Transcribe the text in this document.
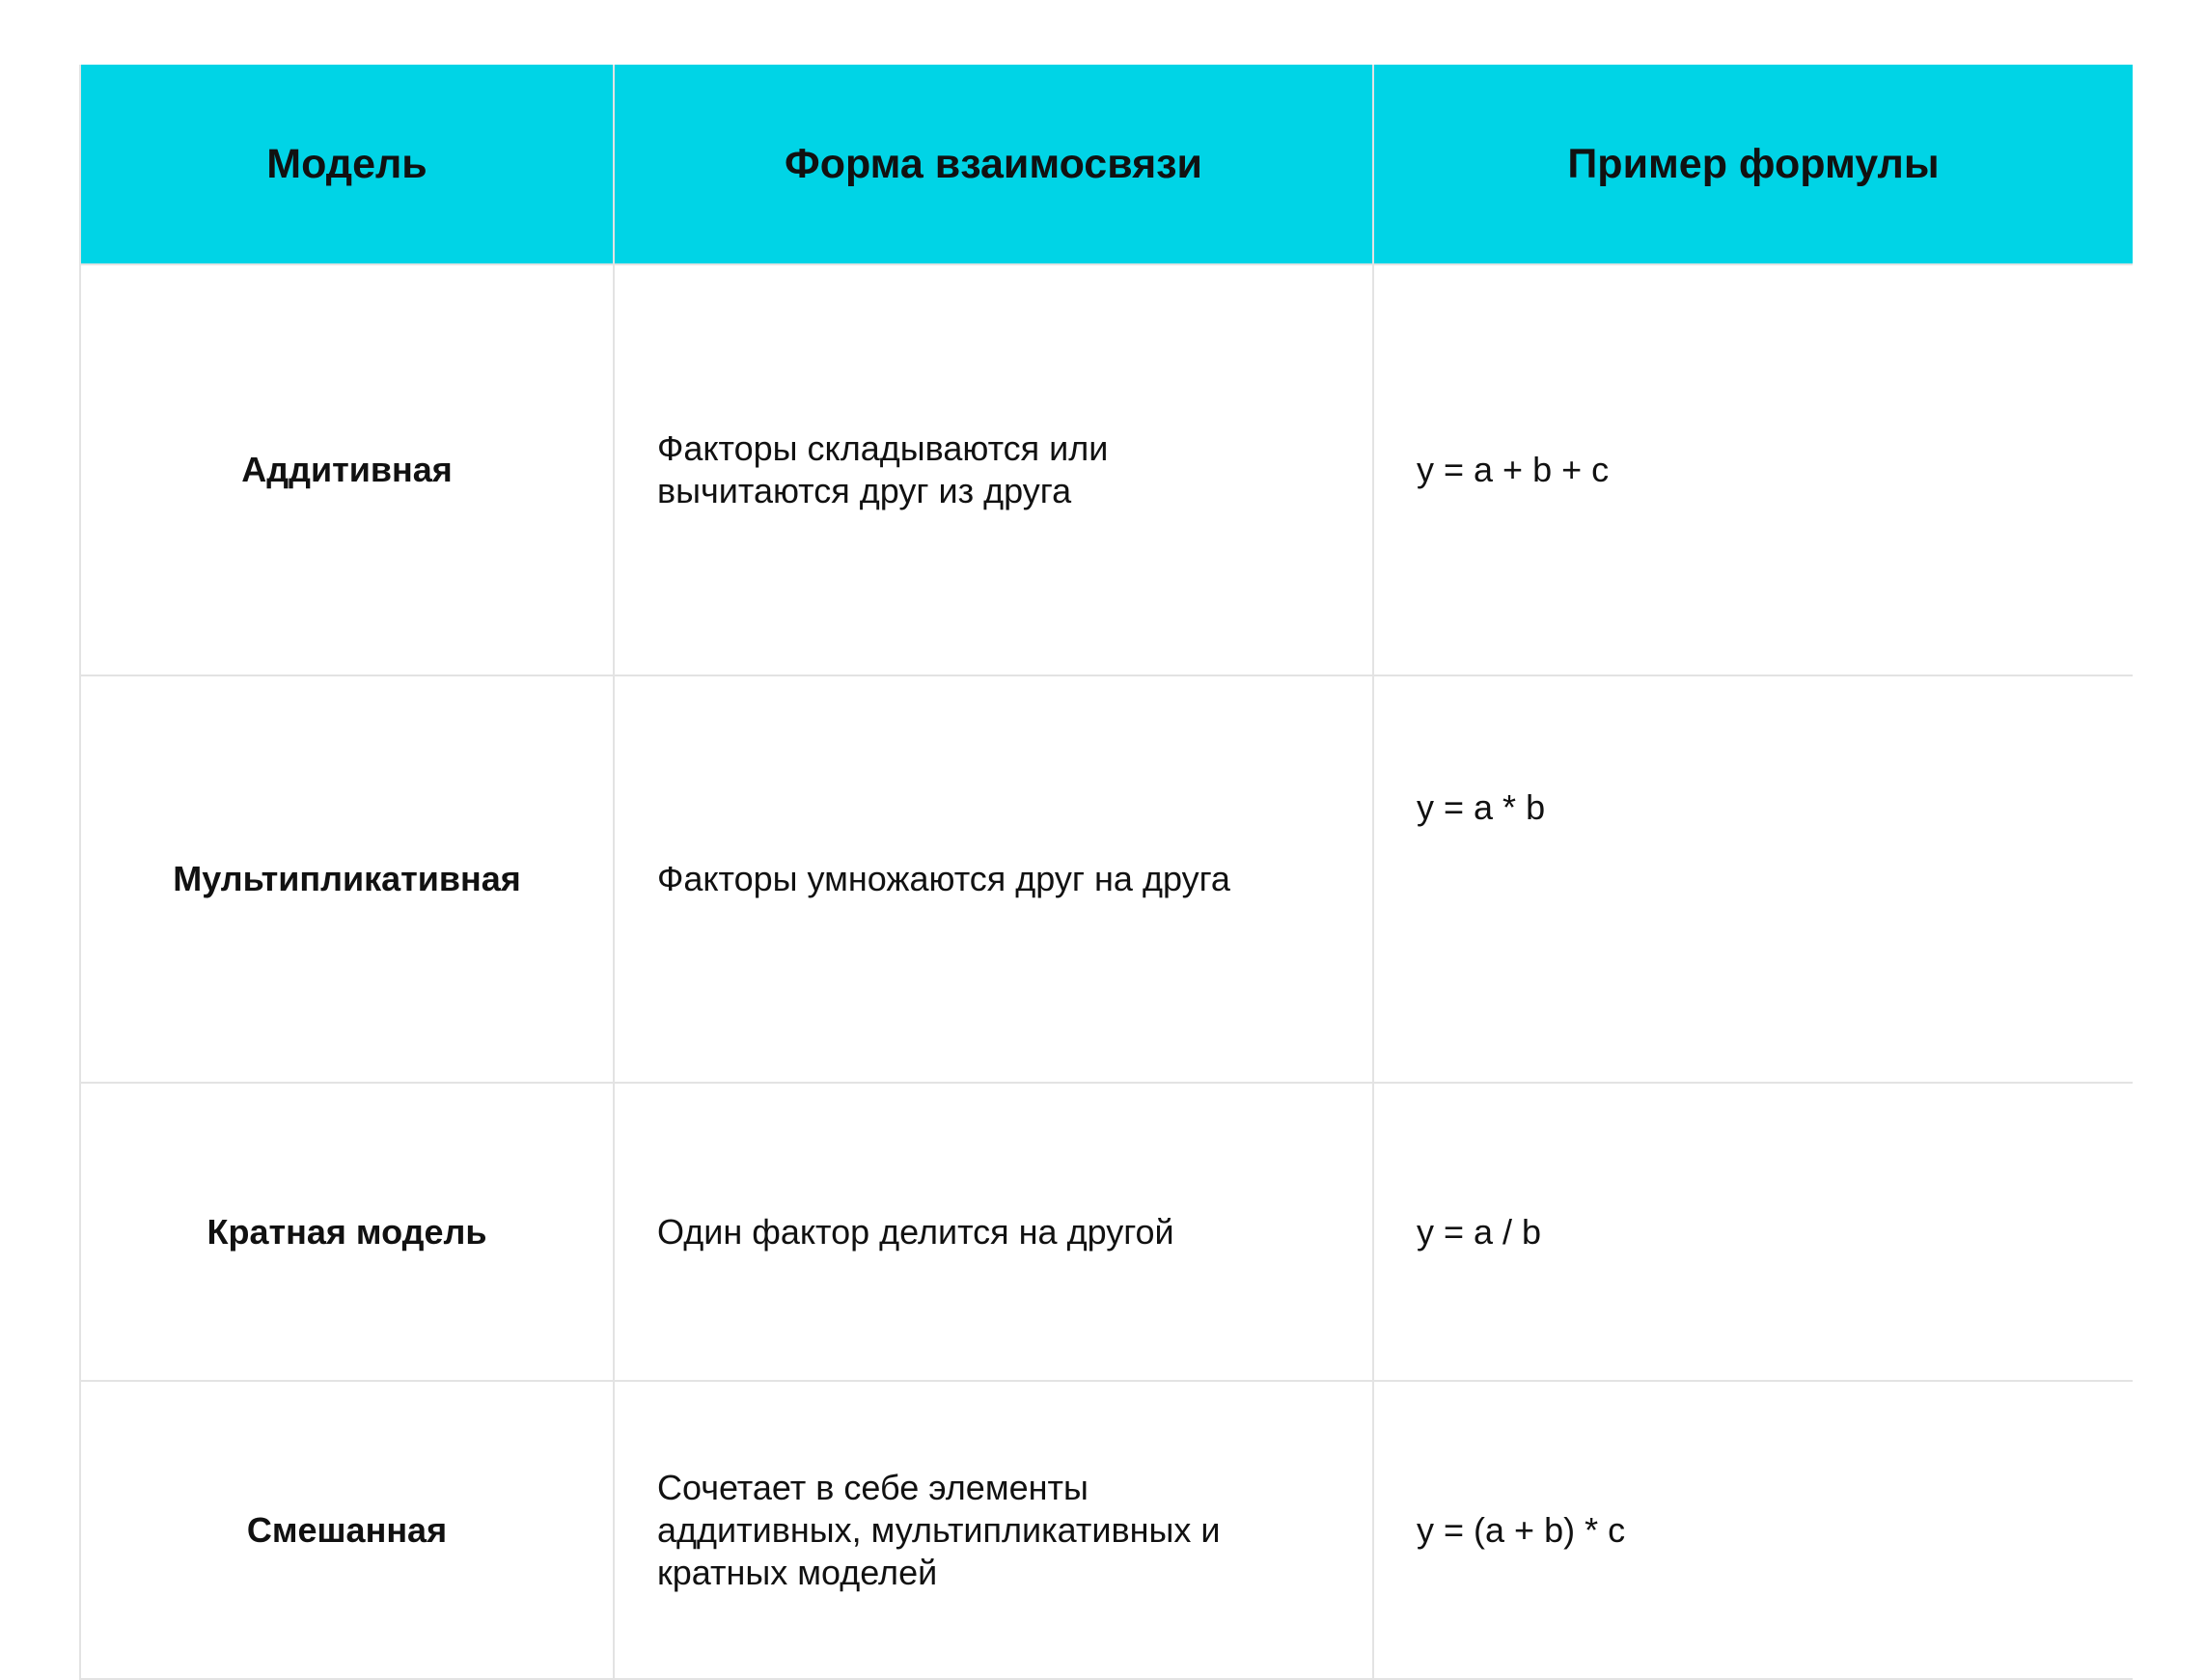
Модель	Форма взаимосвязи	Пример формулы
Аддитивная	Факторы складываются или вычитаются друг из друга	y = a + b + c
Мультипликативная	Факторы умножаются друг на друга	y = a * b
Кратная модель	Один фактор делится на другой	y = a / b
Смешанная	Сочетает в себе элементы аддитивных, мультипликативных и кратных моделей	y = (a + b) * c
